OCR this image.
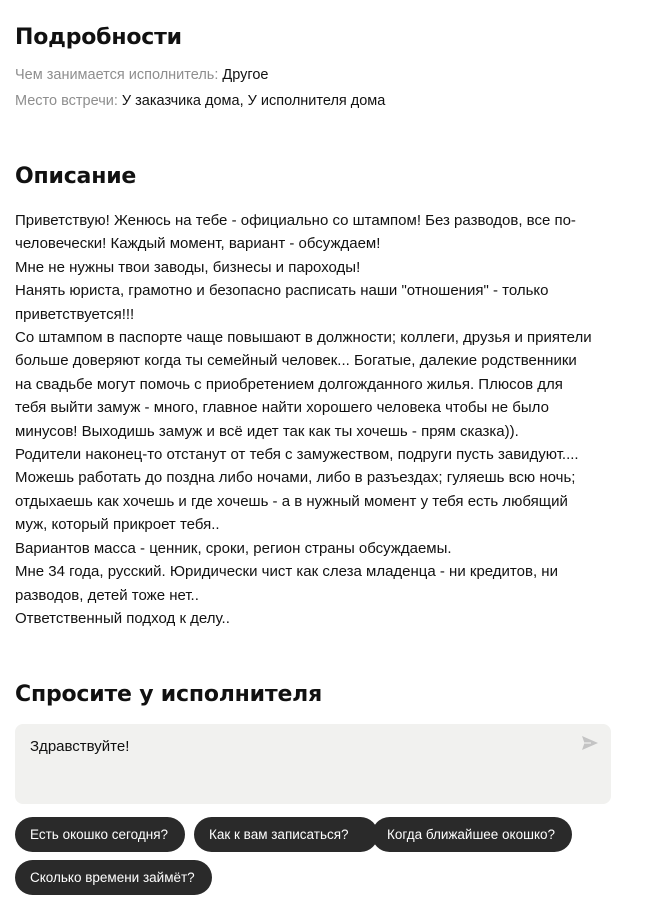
Подробности
Чем занимается исполнитель: Другое
Место встречи: У заказчика дома, У исполнителя дома
Описание
Приветствую! Женюсь на тебе - официально со штампом! Без разводов, все по-
человечески! Каждый момент, вариант - обсуждаем!
Мне не нужны твои заводы, бизнесы и пароходы!
Нанять юриста, грамотно и безопасно расписать наши "отношения" - только
приветствуется!!!
Со штампом в паспорте чаще повышают в должности; коллеги, друзья и приятели
больше доверяют когда ты семейный человек... Богатые, далекие родственники
на свадьбе могут помочь с приобретением долгожданного жилья. Плюсов для
тебя выйти замуж - много, главное найти хорошего человека чтобы не было
минусов! Выходишь замуж и всё идет так как ты хочешь - прям сказка)).
Родители наконец-то отстанут от тебя с замужеством, подруги пусть завидуют....
Можешь работать до поздна либо ночами, либо в разъездах; гуляешь всю ночь;
отдыхаешь как хочешь и где хочешь - а в нужный момент у тебя есть любящий
муж, который прикроет тебя..
Вариантов масса - ценник, сроки, регион страны обсуждаемы.
Мне 34 года, русский. Юридически чист как слеза младенца - ни кредитов, ни
разводов, детей тоже нет..
Ответственный подход к делу..
Спросите у исполнителя
Здравствуйте!
Есть окошко сегодня?	Как к вам записаться?	Когда ближайшее окошко?
Сколько времени займёт?
